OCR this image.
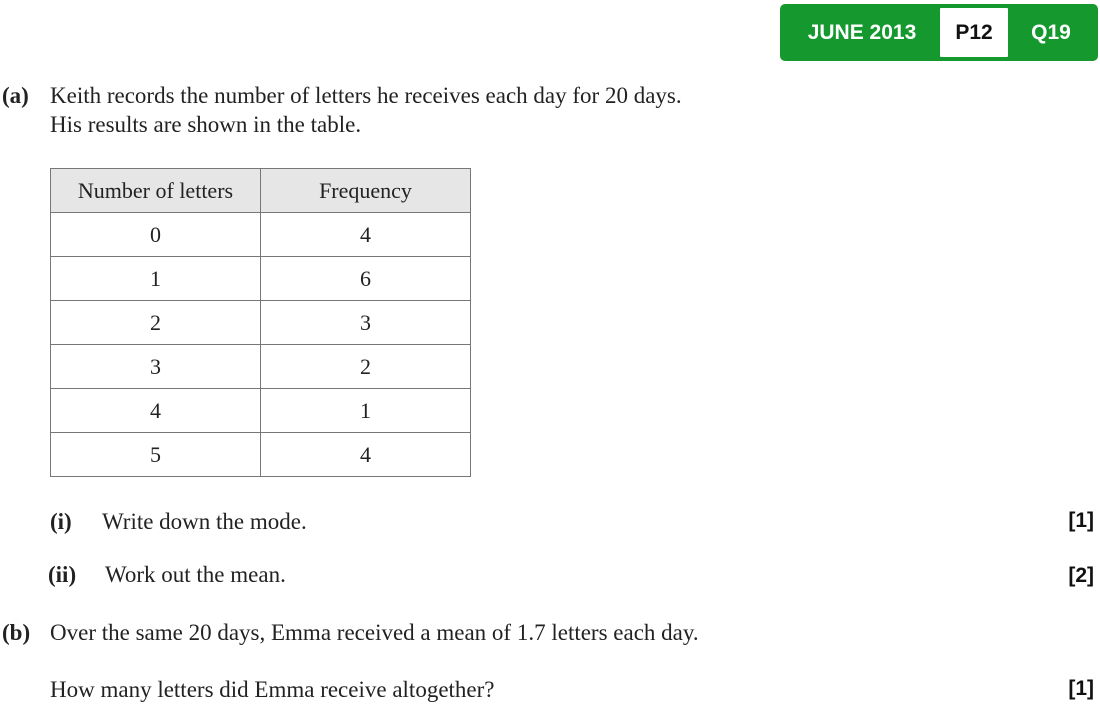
JUNE 2013	P12	Q19
(a) Keith records the number of letters he receives each day for 20 days.
His results are shown in the table.
Number of letters	Frequency
0	4
1	6
2	3
3	2
4	1
5	4
(i) Write down the mode.	[1]
(ii) Work out the mean.	[2]
(b) Over the same 20 days, Emma received a mean of 1.7 letters each day.
How many letters did Emma receive altogether?	[1]
